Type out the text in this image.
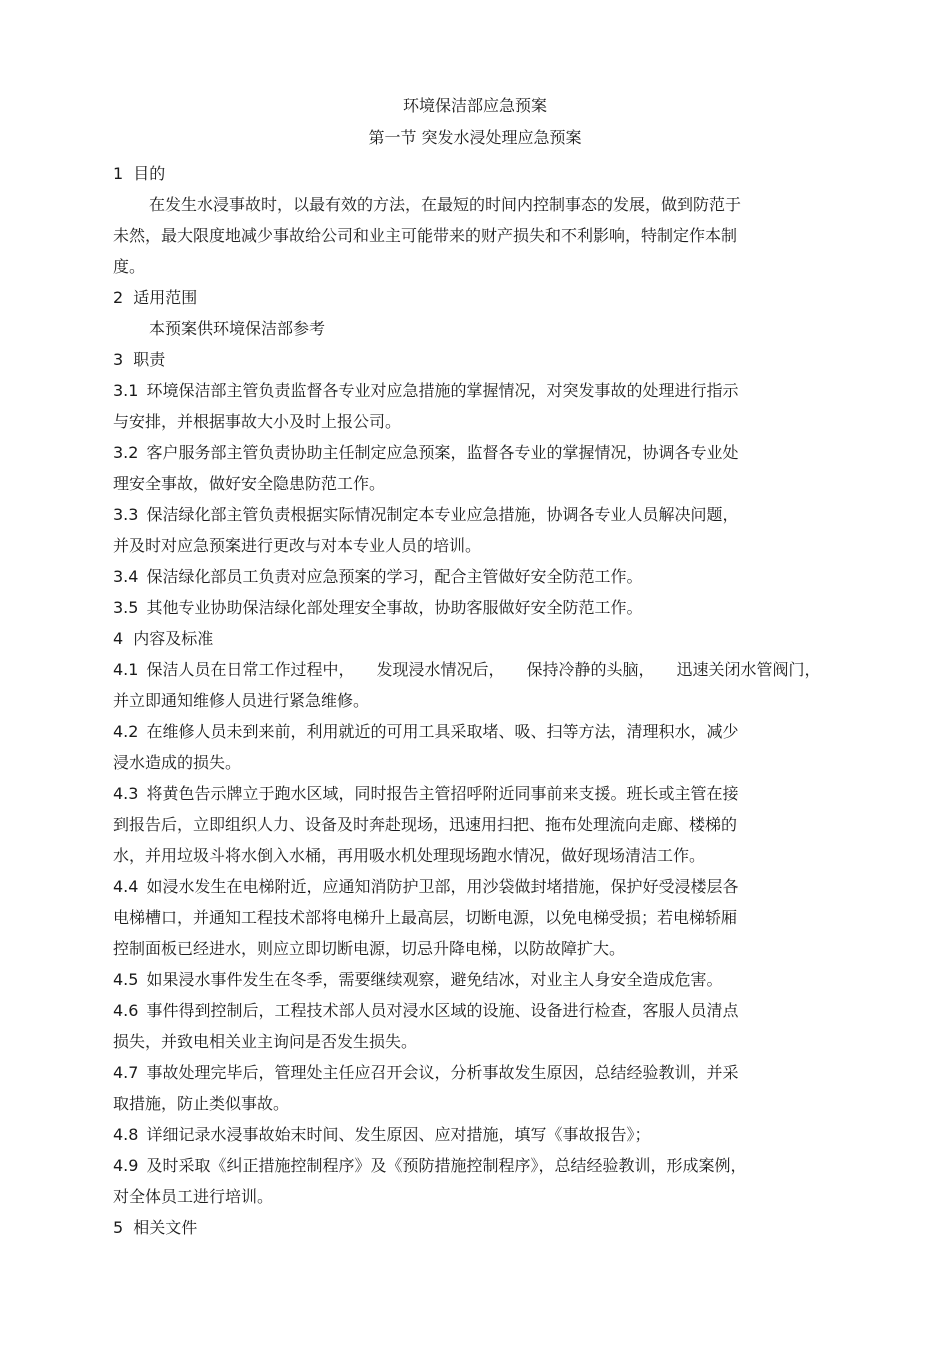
环境保洁部应急预案
第一节 突发水浸处理应急预案
1 目的
在发生水浸事故时，以最有效的方法，在最短的时间内控制事态的发展，做到防范于
未然，最大限度地减少事故给公司和业主可能带来的财产损失和不利影响，特制定作本制
度。
2 适用范围
本预案供环境保洁部参考
3 职责
3.1 环境保洁部主管负责监督各专业对应急措施的掌握情况，对突发事故的处理进行指示
与安排，并根据事故大小及时上报公司。
3.2 客户服务部主管负责协助主任制定应急预案，监督各专业的掌握情况，协调各专业处
理安全事故，做好安全隐患防范工作。
3.3 保洁绿化部主管负责根据实际情况制定本专业应急措施，协调各专业人员解决问题，
并及时对应急预案进行更改与对本专业人员的培训。
3.4 保洁绿化部员工负责对应急预案的学习，配合主管做好安全防范工作。
3.5 其他专业协助保洁绿化部处理安全事故，协助客服做好安全防范工作。
4 内容及标准
4.1 保洁人员在日常工作过程中， 发现浸水情况后， 保持冷静的头脑， 迅速关闭水管阀门，
并立即通知维修人员进行紧急维修。
4.2 在维修人员未到来前，利用就近的可用工具采取堵、吸、扫等方法，清理积水，减少
浸水造成的损失。
4.3 将黄色告示牌立于跑水区域，同时报告主管招呼附近同事前来支援。班长或主管在接
到报告后，立即组织人力、设备及时奔赴现场，迅速用扫把、拖布处理流向走廊、楼梯的
水，并用垃圾斗将水倒入水桶，再用吸水机处理现场跑水情况，做好现场清洁工作。
4.4 如浸水发生在电梯附近，应通知消防护卫部，用沙袋做封堵措施，保护好受浸楼层各
电梯槽口，并通知工程技术部将电梯升上最高层，切断电源，以免电梯受损；若电梯轿厢
控制面板已经进水，则应立即切断电源，切忌升降电梯，以防故障扩大。
4.5 如果浸水事件发生在冬季，需要继续观察，避免结冰，对业主人身安全造成危害。
4.6 事件得到控制后，工程技术部人员对浸水区域的设施、设备进行检查，客服人员清点
损失，并致电相关业主询问是否发生损失。
4.7 事故处理完毕后，管理处主任应召开会议，分析事故发生原因，总结经验教训，并采
取措施，防止类似事故。
4.8 详细记录水浸事故始末时间、发生原因、应对措施，填写《事故报告》；
4.9 及时采取《纠正措施控制程序》及《预防措施控制程序》，总结经验教训，形成案例，
对全体员工进行培训。
5 相关文件
